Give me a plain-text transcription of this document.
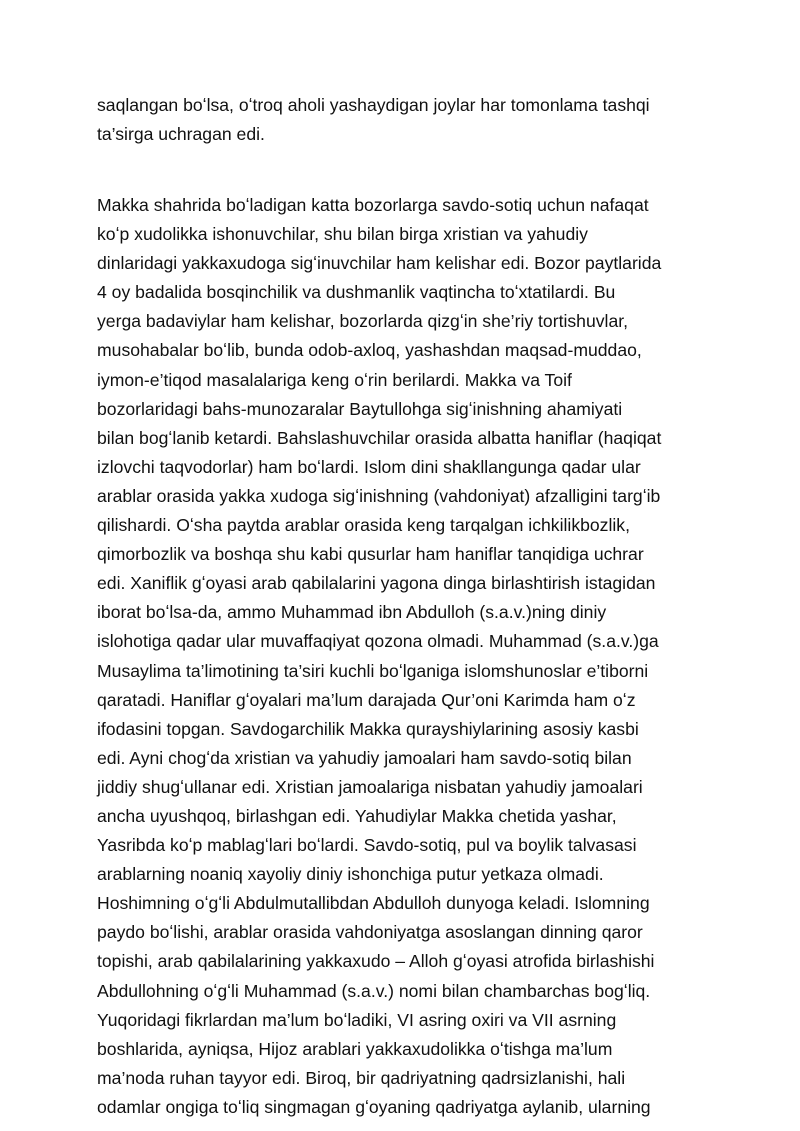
saqlangan boʻlsa, oʻtroq aholi yashaydigan joylar har tomonlama tashqi
ta’sirga uchragan edi.
Makka shahrida boʻladigan katta bozorlarga savdo-sotiq uchun nafaqat
koʻp xudolikka ishonuvchilar, shu bilan birga xristian va yahudiy
dinlaridagi yakkaxudoga sigʻinuvchilar ham kelishar edi. Bozor paytlarida
4 oy badalida bosqinchilik va dushmanlik vaqtincha toʻxtatilardi. Bu
yerga badaviylar ham kelishar, bozorlarda qizgʻin she’riy tortishuvlar,
musohabalar boʻlib, bunda odob-axloq, yashashdan maqsad-muddao,
iymon-e’tiqod masalalariga keng oʻrin berilardi. Makka va Toif
bozorlaridagi bahs-munozaralar Baytullohga sigʻinishning ahamiyati
bilan bogʻlanib ketardi. Bahslashuvchilar orasida albatta haniflar (haqiqat
izlovchi taqvodorlar) ham boʻlardi. Islom dini shakllangunga qadar ular
arablar orasida yakka xudoga sigʻinishning (vahdoniyat) afzalligini targʻib
qilishardi. Oʻsha paytda arablar orasida keng tarqalgan ichkilikbozlik,
qimorbozlik va boshqa shu kabi qusurlar ham haniflar tanqidiga uchrar
edi. Xaniflik gʻoyasi arab qabilalarini yagona dinga birlashtirish istagidan
iborat boʻlsa-da, ammo Muhammad ibn Abdulloh (s.a.v.)ning diniy
islohotiga qadar ular muvaffaqiyat qozona olmadi. Muhammad (s.a.v.)ga
Musaylima ta’limotining ta’siri kuchli boʻlganiga islomshunoslar e’tiborni
qaratadi. Haniflar gʻoyalari ma’lum darajada Qur’oni Karimda ham oʻz
ifodasini topgan. Savdogarchilik Makka qurayshiylarining asosiy kasbi
edi. Ayni chogʻda xristian va yahudiy jamoalari ham savdo-sotiq bilan
jiddiy shugʻullanar edi. Xristian jamoalariga nisbatan yahudiy jamoalari
ancha uyushqoq, birlashgan edi. Yahudiylar Makka chetida yashar,
Yasribda koʻp mablagʻlari boʻlardi. Savdo-sotiq, pul va boylik talvasasi
arablarning noaniq xayoliy diniy ishonchiga putur yetkaza olmadi.
Hoshimning oʻgʻli Abdulmutallibdan Abdulloh dunyoga keladi. Islomning
paydo boʻlishi, arablar orasida vahdoniyatga asoslangan dinning qaror
topishi, arab qabilalarining yakkaxudo – Alloh gʻoyasi atrofida birlashishi
Abdullohning oʻgʻli Muhammad (s.a.v.) nomi bilan chambarchas bogʻliq.
Yuqoridagi fikrlardan ma’lum boʻladiki, VI asring oxiri va VII asrning
boshlarida, ayniqsa, Hijoz arablari yakkaxudolikka oʻtishga ma’lum
ma’noda ruhan tayyor edi. Biroq, bir qadriyatning qadrsizlanishi, hali
odamlar ongiga toʻliq singmagan gʻoyaning qadriyatga aylanib, ularning
